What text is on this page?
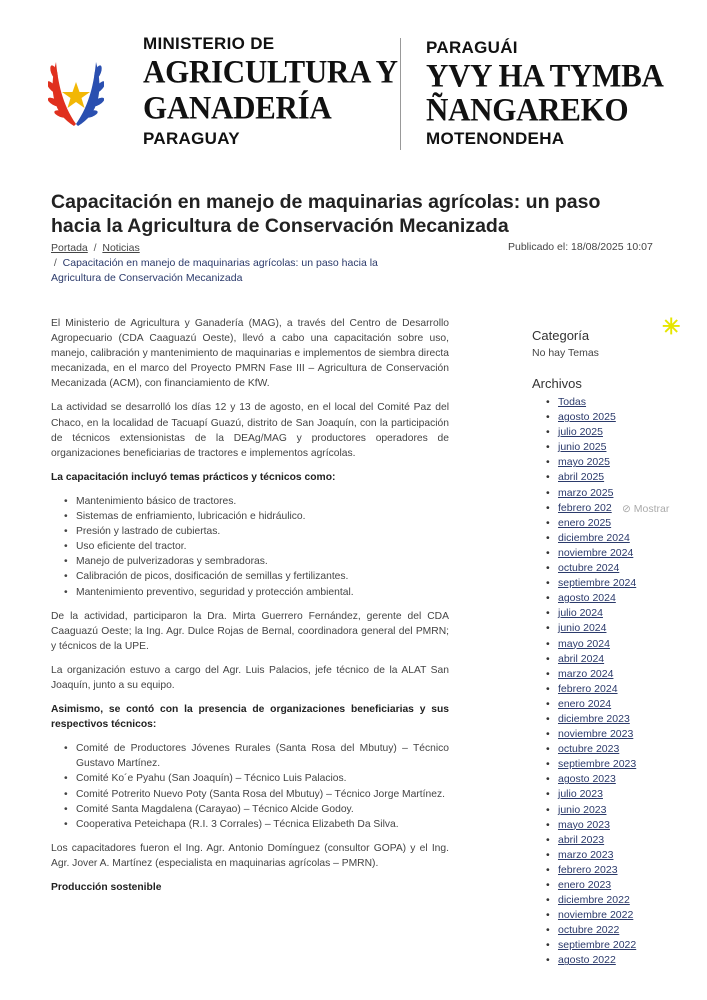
MINISTERIO DE
AGRICULTURA Y
GANADERÍA
PARAGUAY
PARAGUÁI
YVY HA TYMBA
ÑANGAREKO
MOTENONDEHA
Capacitación en manejo de maquinarias agrícolas: un paso hacia la Agricultura de Conservación Mecanizada
Portada  /  Noticias
/  Capacitación en manejo de maquinarias agrícolas: un paso hacia la Agricultura de Conservación Mecanizada
Publicado el: 18/08/2025 10:07

El Ministerio de Agricultura y Ganadería (MAG), a través del Centro de Desarrollo Agropecuario (CDA Caaguazú Oeste), llevó a cabo una capacitación sobre uso, manejo, calibración y mantenimiento de maquinarias e implementos de siembra directa mecanizada, en el marco del Proyecto PMRN Fase III – Agricultura de Conservación Mecanizada (ACM), con financiamiento de KfW.

La actividad se desarrolló los días 12 y 13 de agosto, en el local del Comité Paz del Chaco, en la localidad de Tacuapí Guazú, distrito de San Joaquín, con la participación de técnicos extensionistas de la DEAg/MAG y productores operadores de organizaciones beneficiarias de tractores e implementos agrícolas.

La capacitación incluyó temas prácticos y técnicos como:

• Mantenimiento básico de tractores.
• Sistemas de enfriamiento, lubricación e hidráulico.
• Presión y lastrado de cubiertas.
• Uso eficiente del tractor.
• Manejo de pulverizadoras y sembradoras.
• Calibración de picos, dosificación de semillas y fertilizantes.
• Mantenimiento preventivo, seguridad y protección ambiental.

De la actividad, participaron la Dra. Mirta Guerrero Fernández, gerente del CDA Caaguazú Oeste; la Ing. Agr. Dulce Rojas de Bernal, coordinadora general del PMRN; y técnicos de la UPE.

La organización estuvo a cargo del Agr. Luis Palacios, jefe técnico de la ALAT San Joaquín, junto a su equipo.

Asimismo, se contó con la presencia de organizaciones beneficiarias y sus respectivos técnicos:

• Comité de Productores Jóvenes Rurales (Santa Rosa del Mbutuy) – Técnico Gustavo Martínez.
• Comité Ko´e Pyahu (San Joaquín) – Técnico Luis Palacios.
• Comité Potrerito Nuevo Poty (Santa Rosa del Mbutuy) – Técnico Jorge Martínez.
• Comité Santa Magdalena (Carayao) – Técnico Alcide Godoy.
• Cooperativa Peteichapa (R.I. 3 Corrales) – Técnica Elizabeth Da Silva.

Los capacitadores fueron el Ing. Agr. Antonio Domínguez (consultor GOPA) y el Ing. Agr. Jover A. Martínez (especialista en maquinarias agrícolas – PMRN).

Producción sostenible

✳
Categoría
No hay Temas
Archivos
• Todas
• agosto 2025
• julio 2025
• junio 2025
• mayo 2025
• abril 2025
• marzo 2025
• febrero 202
• enero 2025
• diciembre 2024
• noviembre 2024
• octubre 2024
• septiembre 2024
• agosto 2024
• julio 2024
• junio 2024
• mayo 2024
• abril 2024
• marzo 2024
• febrero 2024
• enero 2024
• diciembre 2023
• noviembre 2023
• octubre 2023
• septiembre 2023
• agosto 2023
• julio 2023
• junio 2023
• mayo 2023
• abril 2023
• marzo 2023
• febrero 2023
• enero 2023
• diciembre 2022
• noviembre 2022
• octubre 2022
• septiembre 2022
• agosto 2022
⊘ Mostrar
